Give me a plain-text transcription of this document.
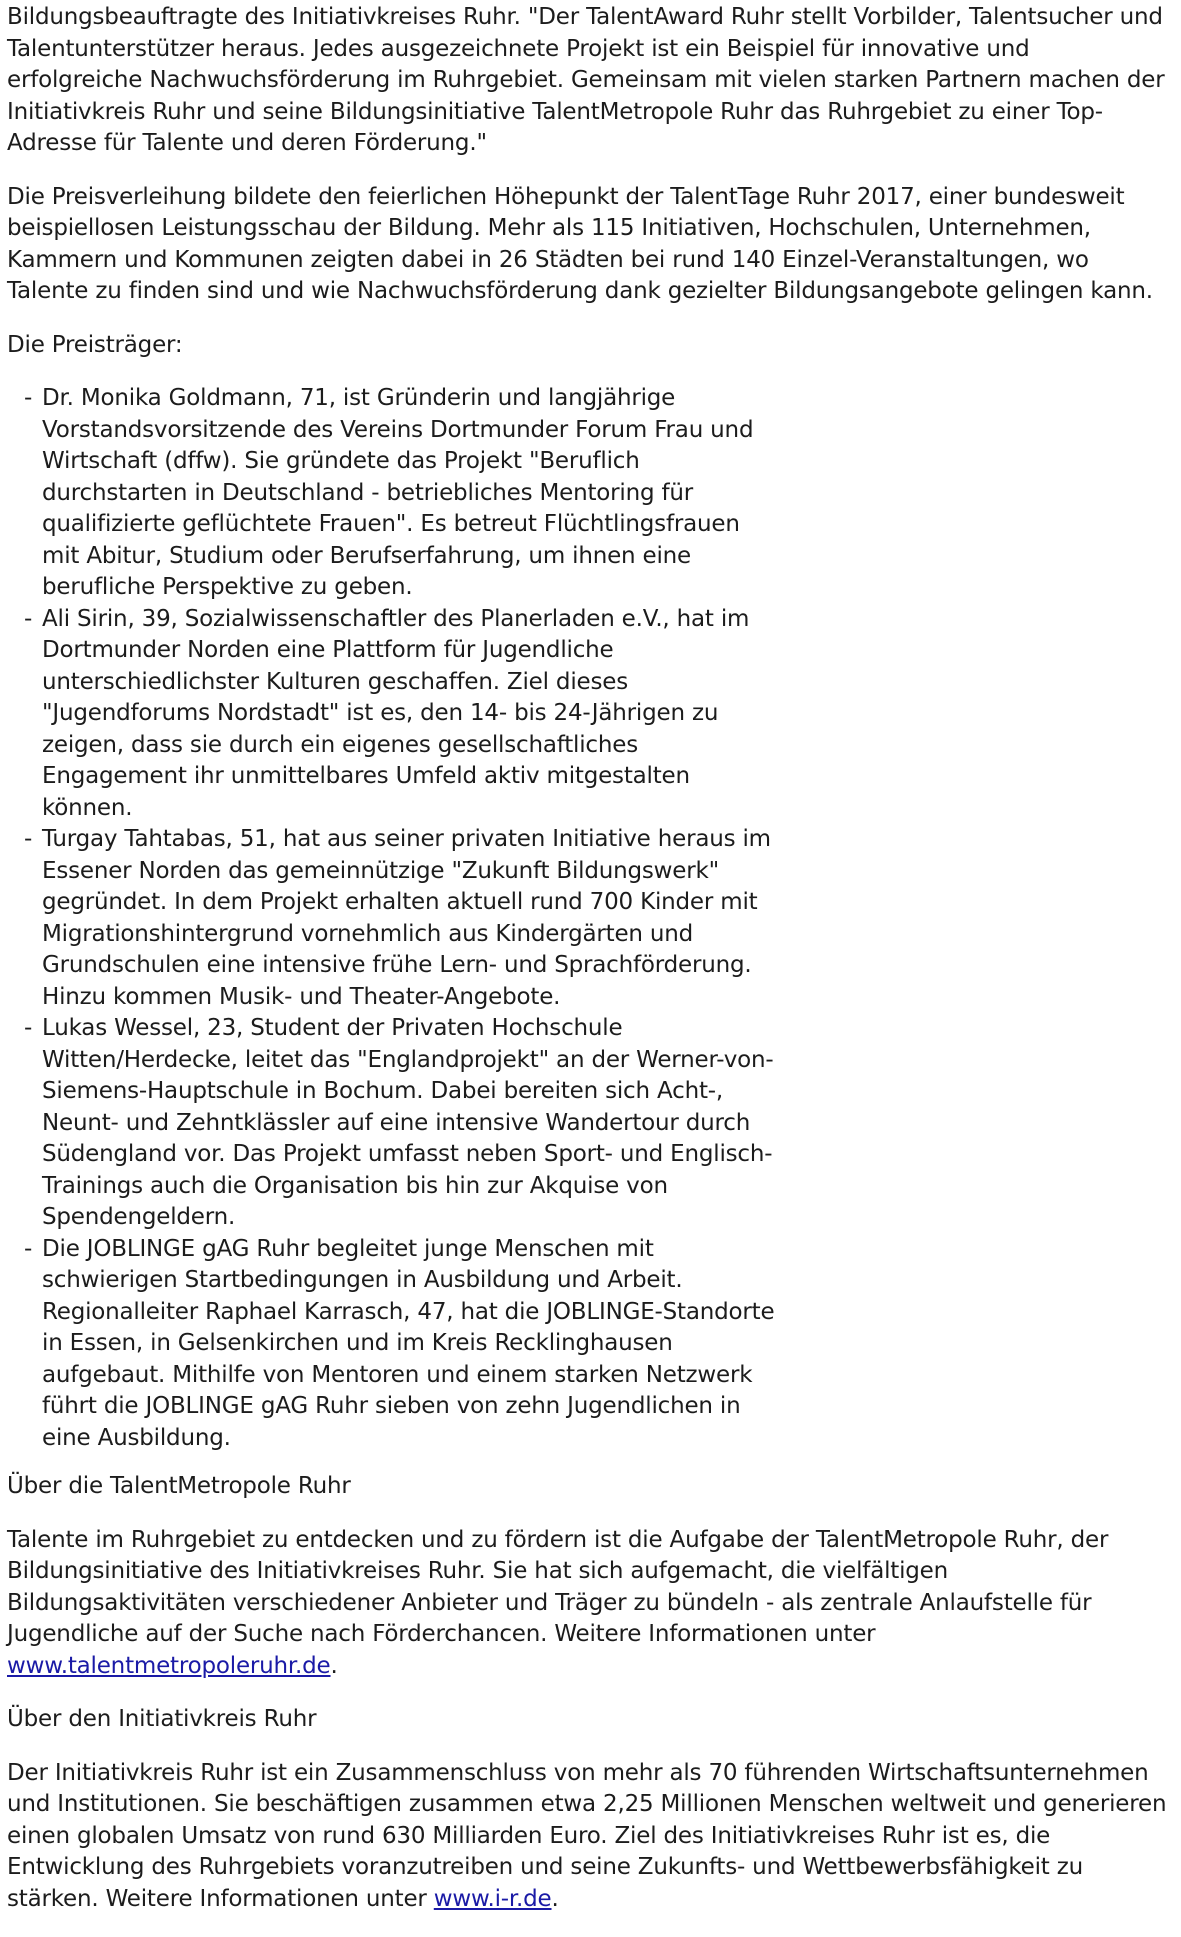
Bildungsbeauftragte des Initiativkreises Ruhr. "Der TalentAward Ruhr stellt Vorbilder, Talentsucher und Talentunterstützer heraus. Jedes ausgezeichnete Projekt ist ein Beispiel für innovative und erfolgreiche Nachwuchsförderung im Ruhrgebiet. Gemeinsam mit vielen starken Partnern machen der Initiativkreis Ruhr und seine Bildungsinitiative TalentMetropole Ruhr das Ruhrgebiet zu einer Top-Adresse für Talente und deren Förderung."

Die Preisverleihung bildete den feierlichen Höhepunkt der TalentTage Ruhr 2017, einer bundesweit beispiellosen Leistungsschau der Bildung. Mehr als 115 Initiativen, Hochschulen, Unternehmen, Kammern und Kommunen zeigten dabei in 26 Städten bei rund 140 Einzel-Veranstaltungen, wo Talente zu finden sind und wie Nachwuchsförderung dank gezielter Bildungsangebote gelingen kann.

Die Preisträger:

- Dr. Monika Goldmann, 71, ist Gründerin und langjährige Vorstandsvorsitzende des Vereins Dortmunder Forum Frau und Wirtschaft (dffw). Sie gründete das Projekt "Beruflich durchstarten in Deutschland - betriebliches Mentoring für qualifizierte geflüchtete Frauen". Es betreut Flüchtlingsfrauen mit Abitur, Studium oder Berufserfahrung, um ihnen eine berufliche Perspektive zu geben.
- Ali Sirin, 39, Sozialwissenschaftler des Planerladen e.V., hat im Dortmunder Norden eine Plattform für Jugendliche unterschiedlichster Kulturen geschaffen. Ziel dieses "Jugendforums Nordstadt" ist es, den 14- bis 24-Jährigen zu zeigen, dass sie durch ein eigenes gesellschaftliches Engagement ihr unmittelbares Umfeld aktiv mitgestalten können.
- Turgay Tahtabas, 51, hat aus seiner privaten Initiative heraus im Essener Norden das gemeinnützige "Zukunft Bildungswerk" gegründet. In dem Projekt erhalten aktuell rund 700 Kinder mit Migrationshintergrund vornehmlich aus Kindergärten und Grundschulen eine intensive frühe Lern- und Sprachförderung. Hinzu kommen Musik- und Theater-Angebote.
- Lukas Wessel, 23, Student der Privaten Hochschule Witten/Herdecke, leitet das "Englandprojekt" an der Werner-von-Siemens-Hauptschule in Bochum. Dabei bereiten sich Acht-, Neunt- und Zehntklässler auf eine intensive Wandertour durch Südengland vor. Das Projekt umfasst neben Sport- und Englisch-Trainings auch die Organisation bis hin zur Akquise von Spendengeldern.
- Die JOBLINGE gAG Ruhr begleitet junge Menschen mit schwierigen Startbedingungen in Ausbildung und Arbeit. Regionalleiter Raphael Karrasch, 47, hat die JOBLINGE-Standorte in Essen, in Gelsenkirchen und im Kreis Recklinghausen aufgebaut. Mithilfe von Mentoren und einem starken Netzwerk führt die JOBLINGE gAG Ruhr sieben von zehn Jugendlichen in eine Ausbildung.

Über die TalentMetropole Ruhr

Talente im Ruhrgebiet zu entdecken und zu fördern ist die Aufgabe der TalentMetropole Ruhr, der Bildungsinitiative des Initiativkreises Ruhr. Sie hat sich aufgemacht, die vielfältigen Bildungsaktivitäten verschiedener Anbieter und Träger zu bündeln - als zentrale Anlaufstelle für Jugendliche auf der Suche nach Förderchancen. Weitere Informationen unter www.talentmetropoleruhr.de.

Über den Initiativkreis Ruhr

Der Initiativkreis Ruhr ist ein Zusammenschluss von mehr als 70 führenden Wirtschaftsunternehmen und Institutionen. Sie beschäftigen zusammen etwa 2,25 Millionen Menschen weltweit und generieren einen globalen Umsatz von rund 630 Milliarden Euro. Ziel des Initiativkreises Ruhr ist es, die Entwicklung des Ruhrgebiets voranzutreiben und seine Zukunfts- und Wettbewerbsfähigkeit zu stärken. Weitere Informationen unter www.i-r.de.
